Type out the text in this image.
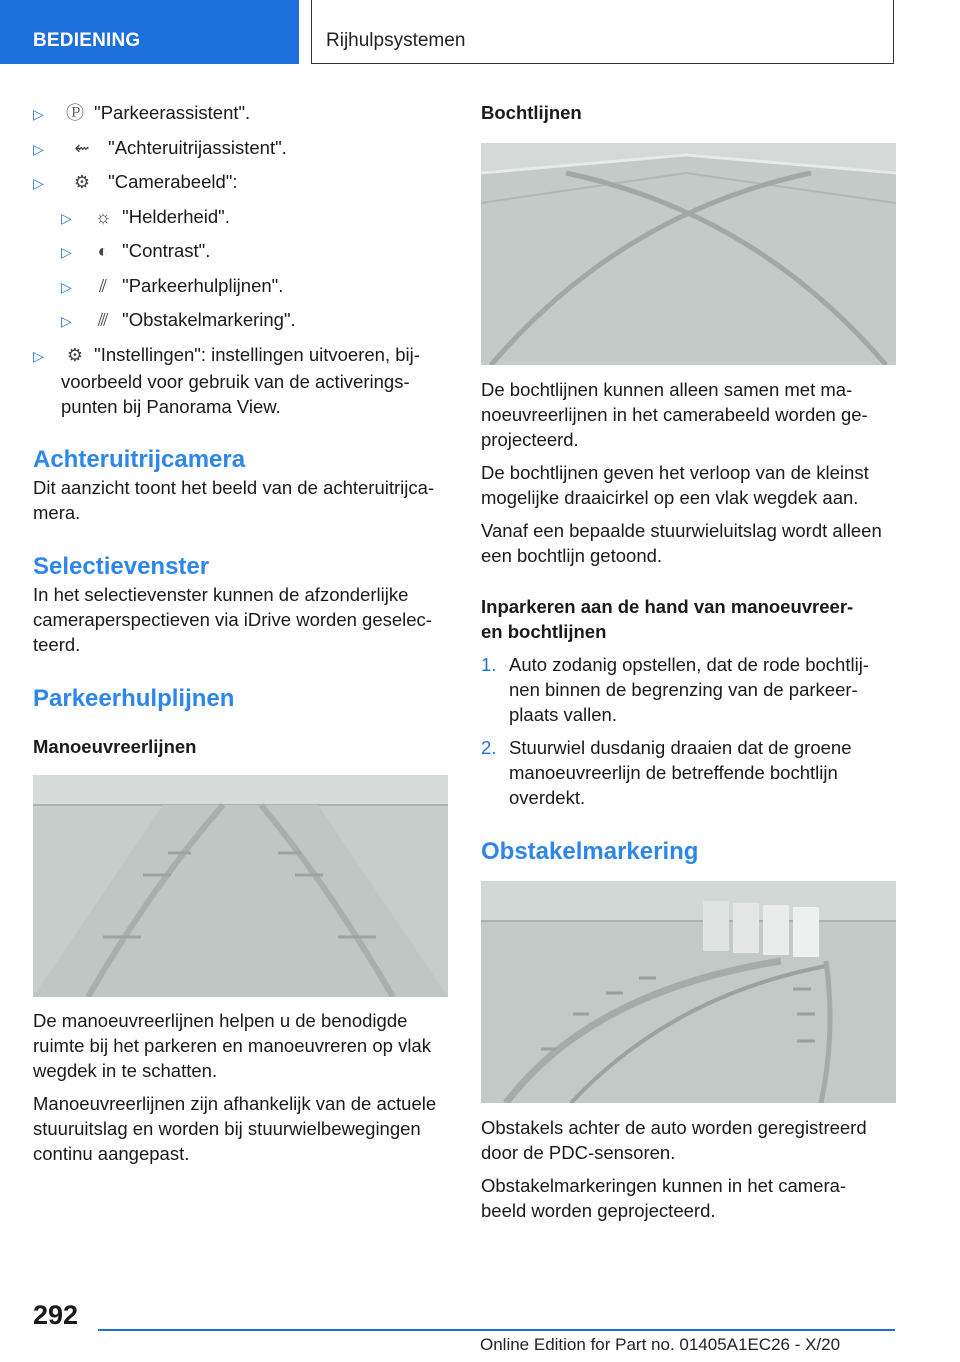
BEDIENING	Rijhulpsystemen
▷ Ⓟ "Parkeerassistent".
▷ ⇜ "Achteruitrijassistent".
▷ ⚙ "Camerabeeld":
▷ ☼ "Helderheid".
▷ ◐ "Contrast".
▷ ⫽ "Parkeerhulplijnen".
▷ ⫻ "Obstakelmarkering".
▷ ⚙ "Instellingen": instellingen uitvoeren, bij-
voorbeeld voor gebruik van de activerings-
punten bij Panorama View.
Achteruitrijcamera

Dit aanzicht toont het beeld van de achteruitrijca-
mera.

Selectievenster

In het selectievenster kunnen de afzonderlijke
cameraperspectieven via iDrive worden geselec-
teerd.

Parkeerhulplijnen
Manoeuvreerlijnen

De manoeuvreerlijnen helpen u de benodigde
ruimte bij het parkeren en manoeuvreren op vlak
wegdek in te schatten.

Manoeuvreerlijnen zijn afhankelijk van de actuele
stuuruitslag en worden bij stuurwielbewegingen
continu aangepast.

Bochtlijnen

De bochtlijnen kunnen alleen samen met ma-
noeuvreerlijnen in het camerabeeld worden ge-
projecteerd.

De bochtlijnen geven het verloop van de kleinst
mogelijke draaicirkel op een vlak wegdek aan.

Vanaf een bepaalde stuurwieluitslag wordt alleen
een bochtlijn getoond.

Inparkeren aan de hand van manoeuvreer-
en bochtlijnen
1. Auto zodanig opstellen, dat de rode bochtlij-
nen binnen de begrenzing van de parkeer-
plaats vallen.
2. Stuurwiel dusdanig draaien dat de groene
manoeuvreerlijn de betreffende bochtlijn
overdekt.
Obstakelmarkering

Obstakels achter de auto worden geregistreerd
door de PDC-sensoren.

Obstakelmarkeringen kunnen in het camera-
beeld worden geprojecteerd.

292
Online Edition for Part no. 01405A1EC26 - X/20
